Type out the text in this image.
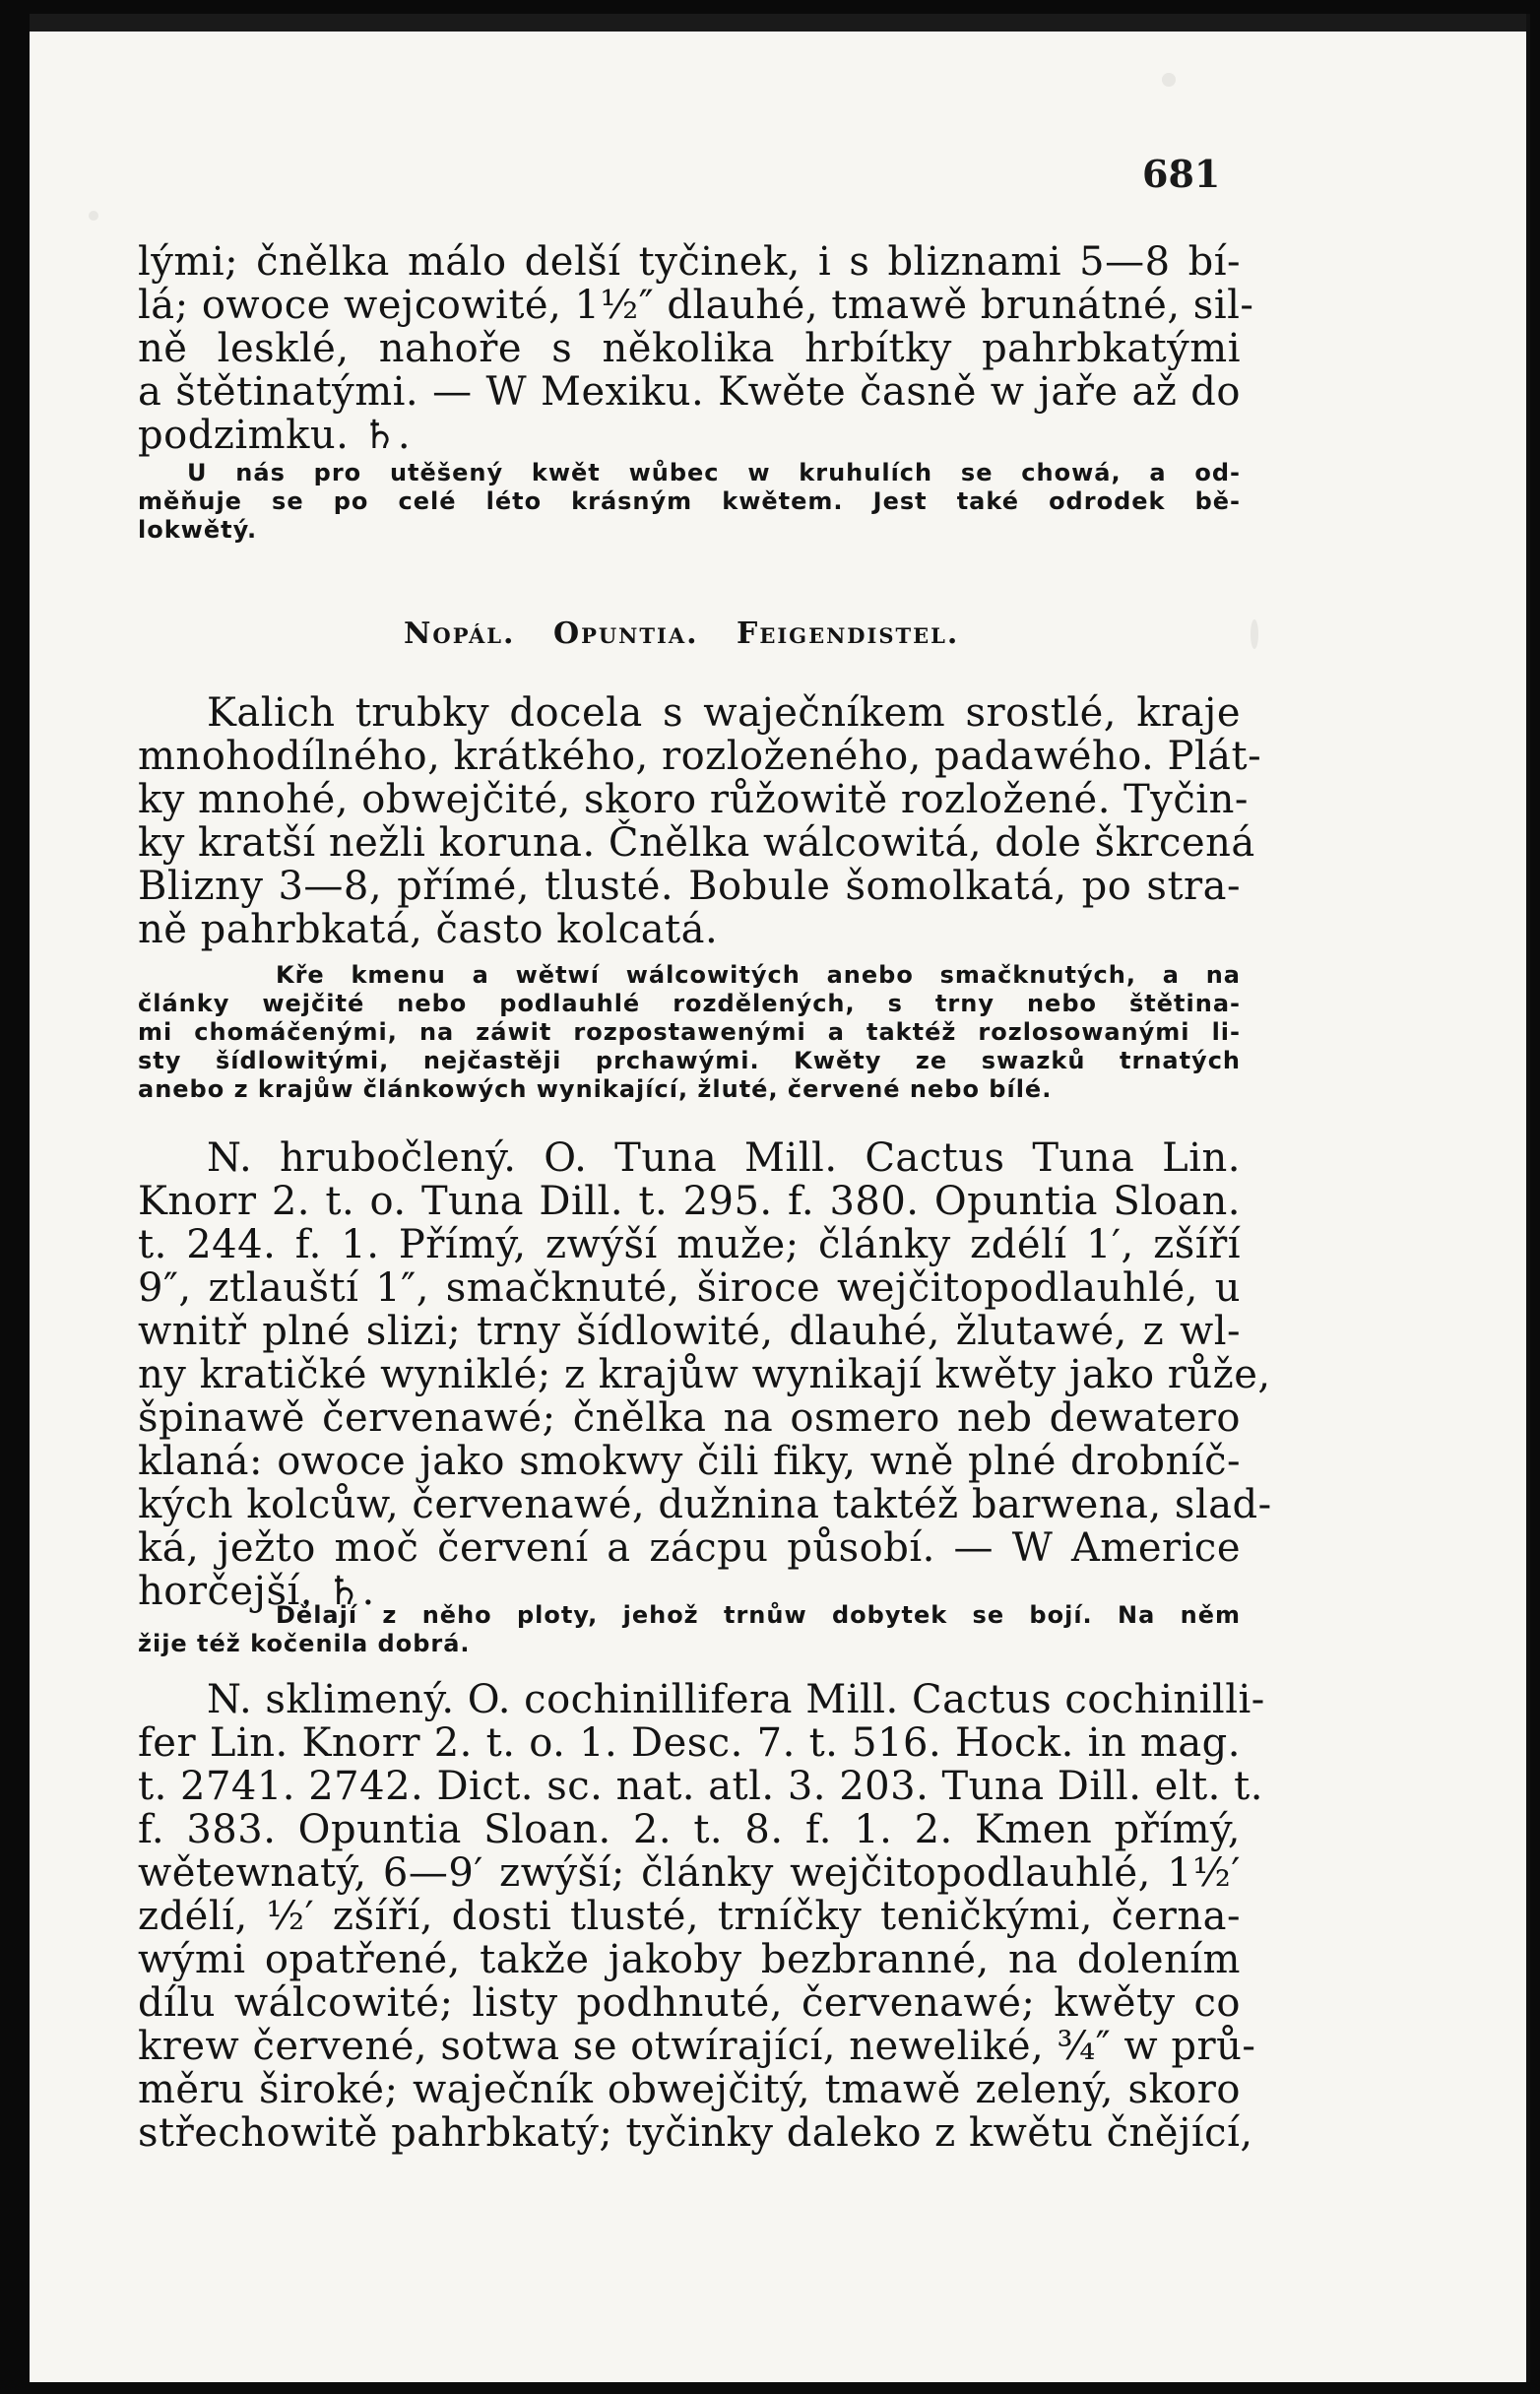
681
lými; čnělka málo delší tyčinek, i s bliznami 5—8 bí-
lá; owoce wejcowité, 1½″ dlauhé, tmawě brunátné, sil-
ně lesklé, nahoře s několika hrbítky pahrbkatými
a štětinatými. — W Mexiku. Kwěte časně w jaře až do
podzimku. ♄.
U nás pro utěšený kwět wůbec w kruhulích se chowá, a od-
měňuje se po celé léto krásným kwětem. Jest také odrodek bě-
lokwětý.
Nopál. Opuntia. Feigendistel.
Kalich trubky docela s waječníkem srostlé, kraje
mnohodílného, krátkého, rozloženého, padawého. Plát-
ky mnohé, obwejčité, skoro růžowitě rozložené. Tyčin-
ky kratší nežli koruna. Čnělka wálcowitá, dole škrcená
Blizny 3—8, přímé, tlusté. Bobule šomolkatá, po stra-
ně pahrbkatá, často kolcatá.
Kře kmenu a wětwí wálcowitých anebo smačknutých, a na
články wejčité nebo podlauhlé rozdělených, s trny nebo štětina-
mi chomáčenými, na záwit rozpostawenými a taktéž rozlosowanými li-
sty šídlowitými, nejčastěji prchawými. Kwěty ze swazků trnatých
anebo z krajůw článkowých wynikající, žluté, červené nebo bílé.
N. hrubočlený. O. Tuna Mill. Cactus Tuna Lin.
Knorr 2. t. o. Tuna Dill. t. 295. f. 380. Opuntia Sloan.
t. 244. f. 1. Přímý, zwýší muže; články zdélí 1′, zšíří
9″, ztlauští 1″, smačknuté, široce wejčitopodlauhlé, u
wnitř plné slizi; trny šídlowité, dlauhé, žlutawé, z wl-
ny kratičké wyniklé; z krajůw wynikají kwěty jako růže,
špinawě červenawé; čnělka na osmero neb dewatero
klaná: owoce jako smokwy čili fiky, wně plné drobníč-
kých kolcůw, červenawé, dužnina taktéž barwena, slad-
ká, ježto moč červení a zácpu působí. — W Americe
horčejší. ♄.
Dělají z něho ploty, jehož trnůw dobytek se bojí. Na něm
žije též kočenila dobrá.
N. sklimený. O. cochinillifera Mill. Cactus cochinilli-
fer Lin. Knorr 2. t. o. 1. Desc. 7. t. 516. Hock. in mag.
t. 2741. 2742. Dict. sc. nat. atl. 3. 203. Tuna Dill. elt. t.
f. 383. Opuntia Sloan. 2. t. 8. f. 1. 2. Kmen přímý,
wětewnatý, 6—9′ zwýší; články wejčitopodlauhlé, 1½′
zdélí, ½′ zšíří, dosti tlusté, trníčky teničkými, černa-
wými opatřené, takže jakoby bezbranné, na dolením
dílu wálcowité; listy podhnuté, červenawé; kwěty co
krew červené, sotwa se otwírající, neweliké, ¾″ w prů-
měru široké; waječník obwejčitý, tmawě zelený, skoro
střechowitě pahrbkatý; tyčinky daleko z kwětu čnějící,
